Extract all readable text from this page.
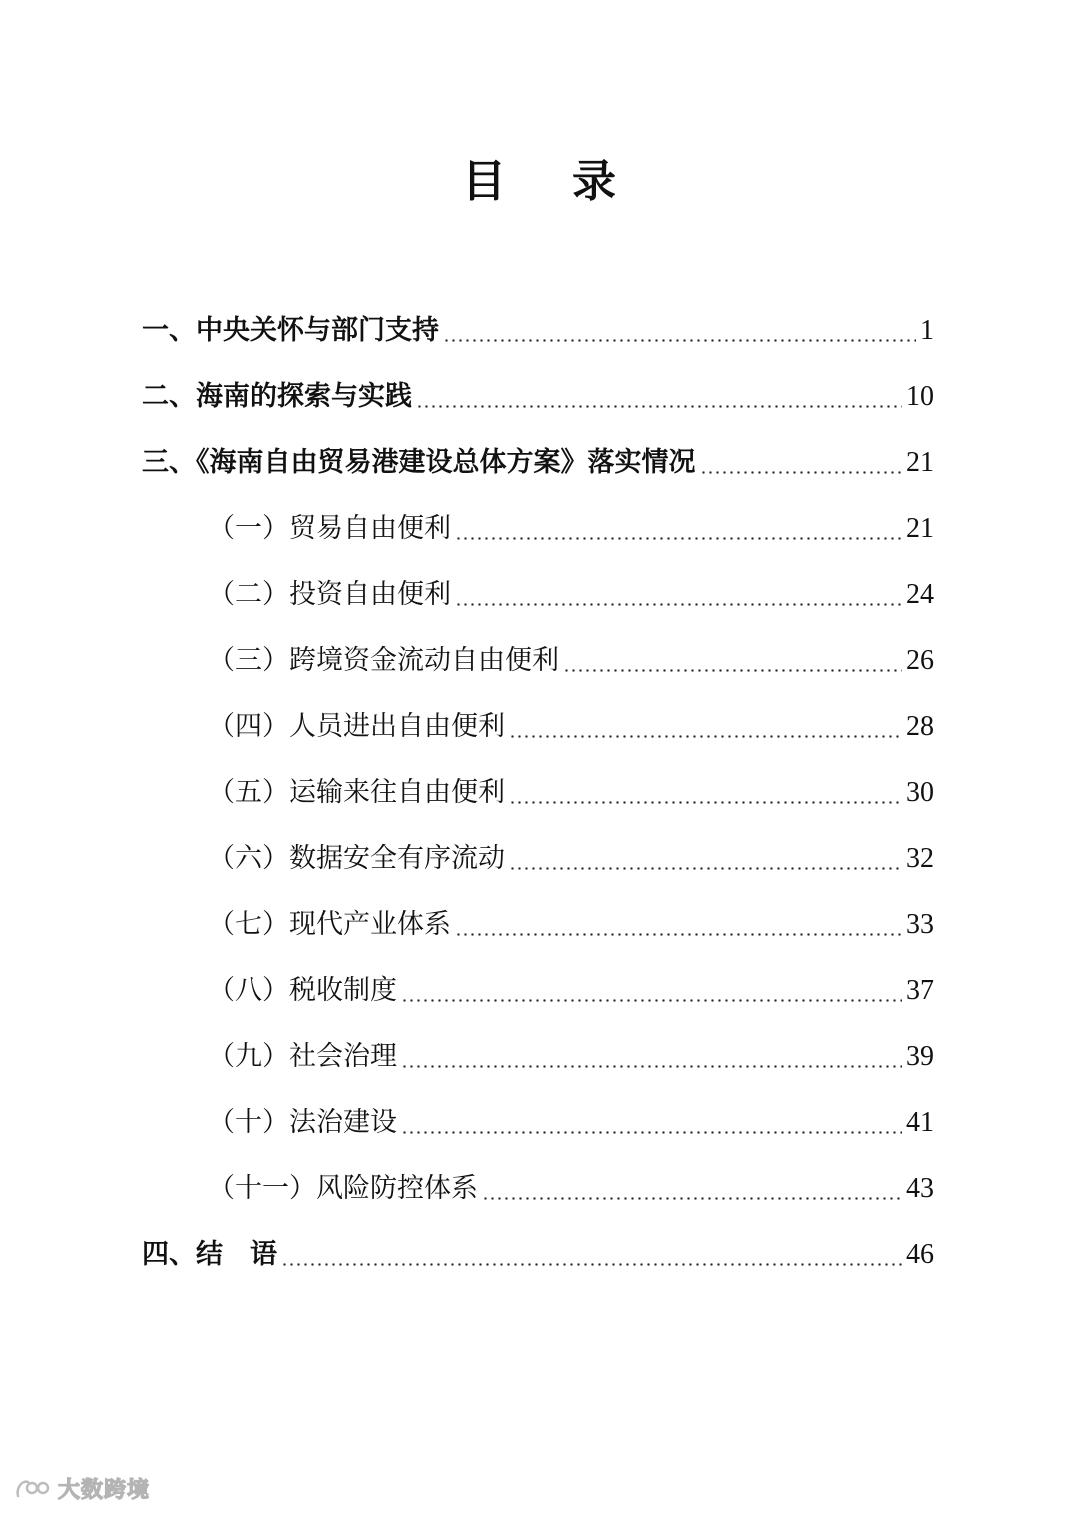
目 录
一、中央关怀与部门支持	1
二、海南的探索与实践	10
三、《海南自由贸易港建设总体方案》落实情况	21
（一）贸易自由便利	21
（二）投资自由便利	24
（三）跨境资金流动自由便利	26
（四）人员进出自由便利	28
（五）运输来往自由便利	30
（六）数据安全有序流动	32
（七）现代产业体系	33
（八）税收制度	37
（九）社会治理	39
（十）法治建设	41
（十一）风险防控体系	43
四、结　语	46
大数跨境
